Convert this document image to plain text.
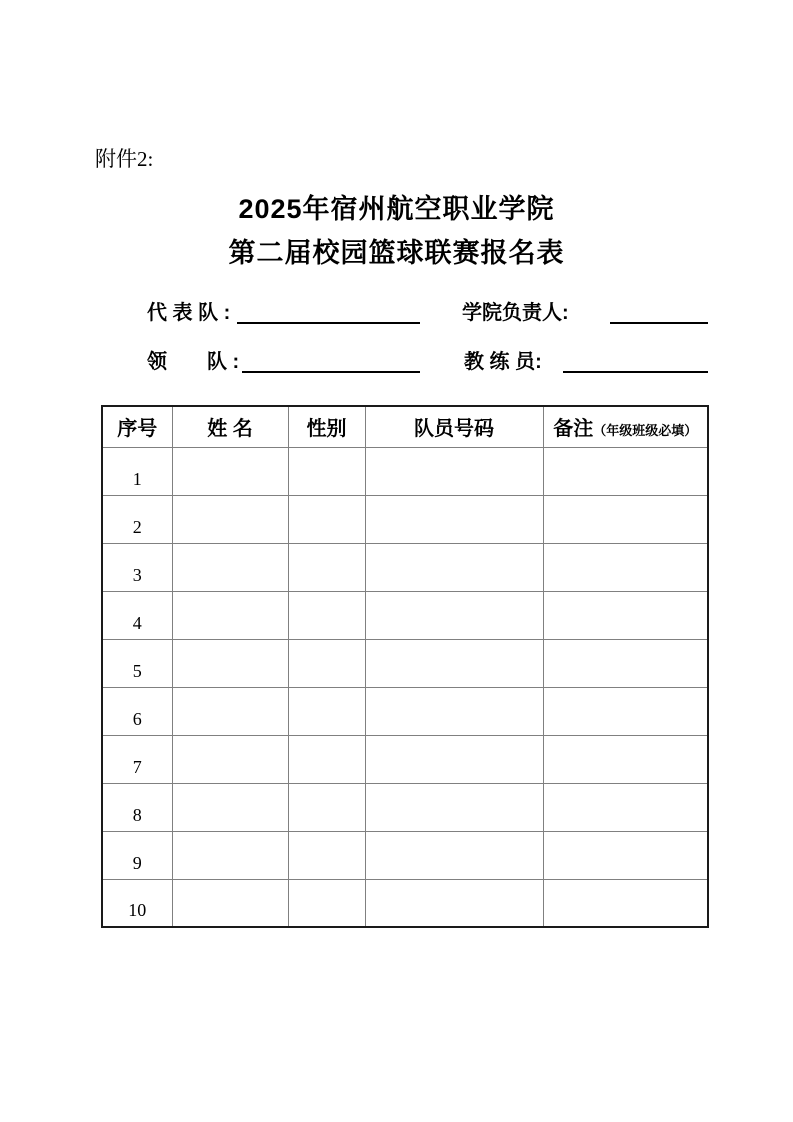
附件2:
2025年宿州航空职业学院
第二届校园篮球联赛报名表
代 表 队 :	学院负责人:
领　　队 :	教 练 员:
序号	姓 名	性别	队员号码	备注（年级班级必填）
1				
2				
3				
4				
5				
6				
7				
8				
9				
10				
